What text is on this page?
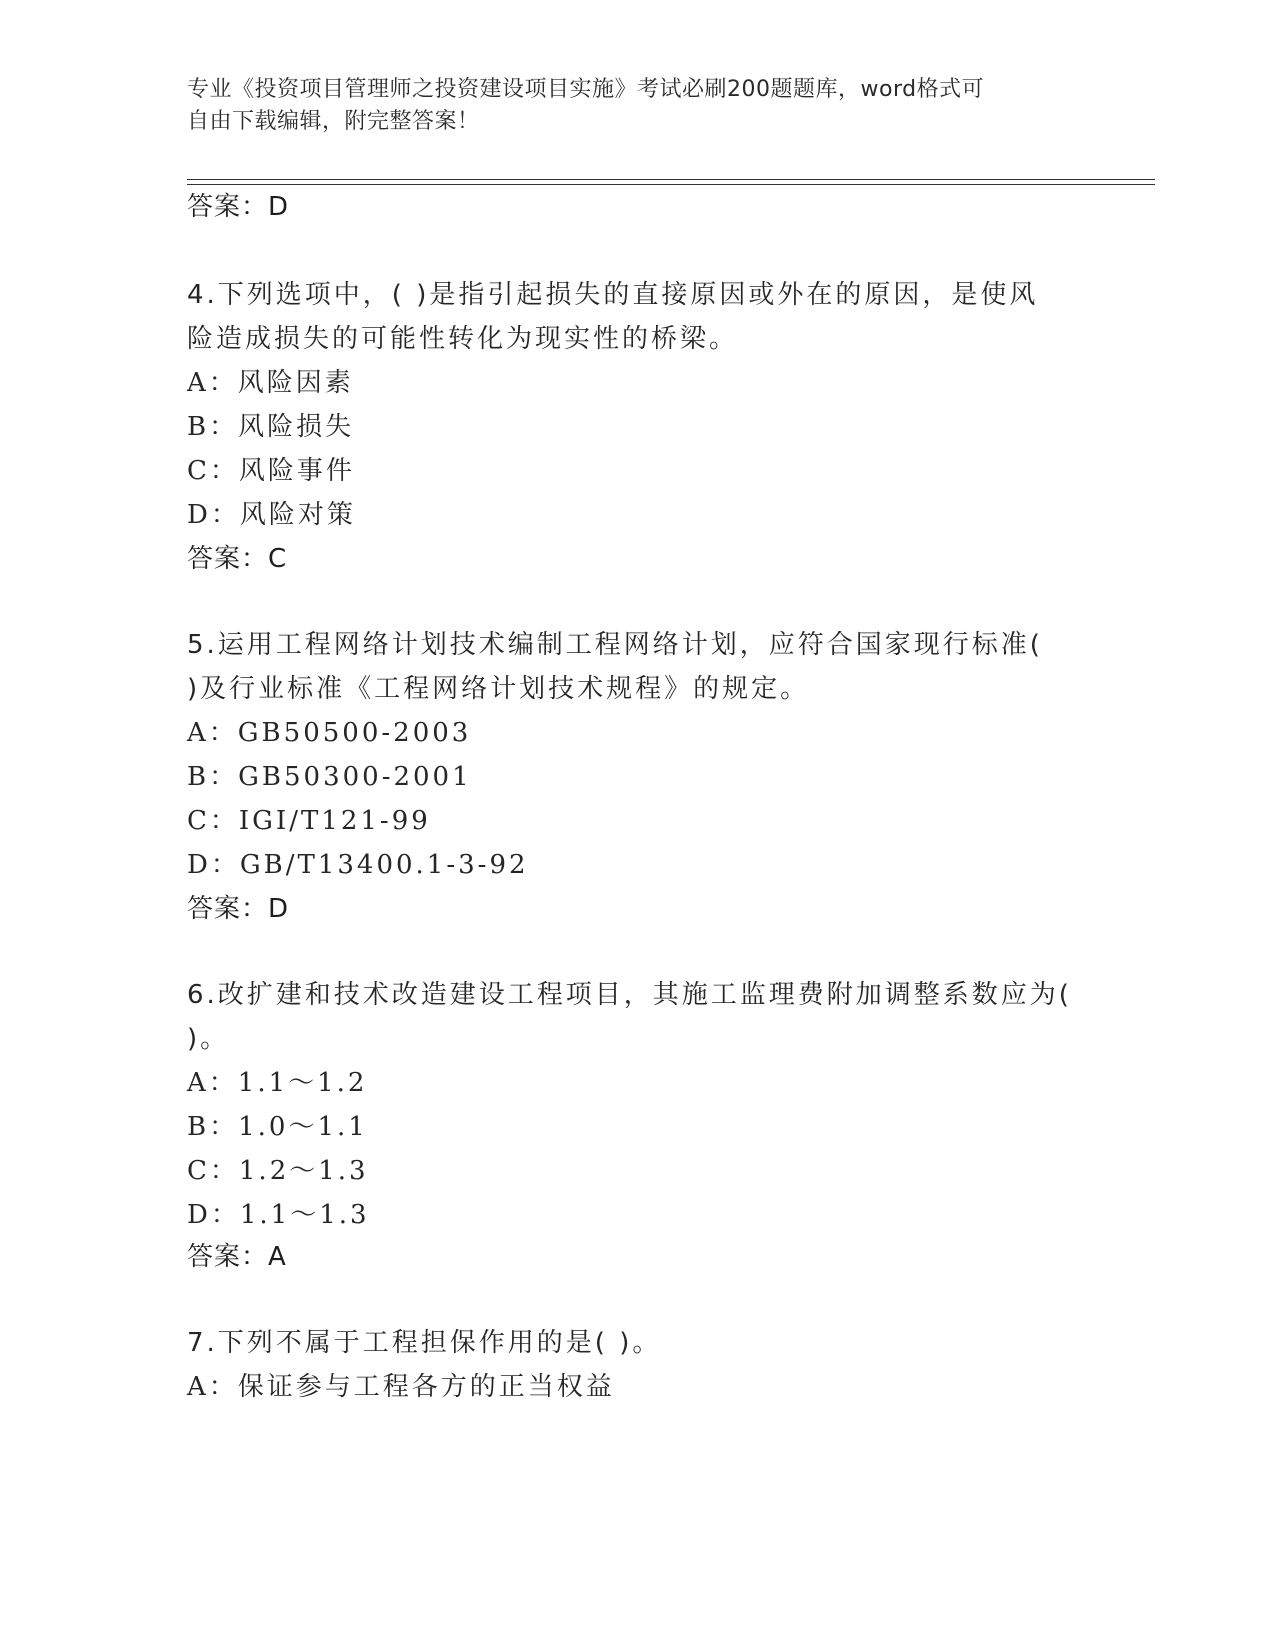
专业《投资项目管理师之投资建设项目实施》考试必刷200题题库，word格式可
自由下载编辑，附完整答案！
答案：D
4.下列选项中，( )是指引起损失的直接原因或外在的原因，是使风
险造成损失的可能性转化为现实性的桥梁。
A：风险因素
B：风险损失
C：风险事件
D：风险对策
答案：C
5.运用工程网络计划技术编制工程网络计划，应符合国家现行标准(
)及行业标准《工程网络计划技术规程》的规定。
A：GB50500-2003
B：GB50300-2001
C：IGI/T121-99
D：GB/T13400.1-3-92
答案：D
6.改扩建和技术改造建设工程项目，其施工监理费附加调整系数应为(
)。
A：1.1～1.2
B：1.0～1.1
C：1.2～1.3
D：1.1～1.3
答案：A
7.下列不属于工程担保作用的是( )。
A：保证参与工程各方的正当权益
